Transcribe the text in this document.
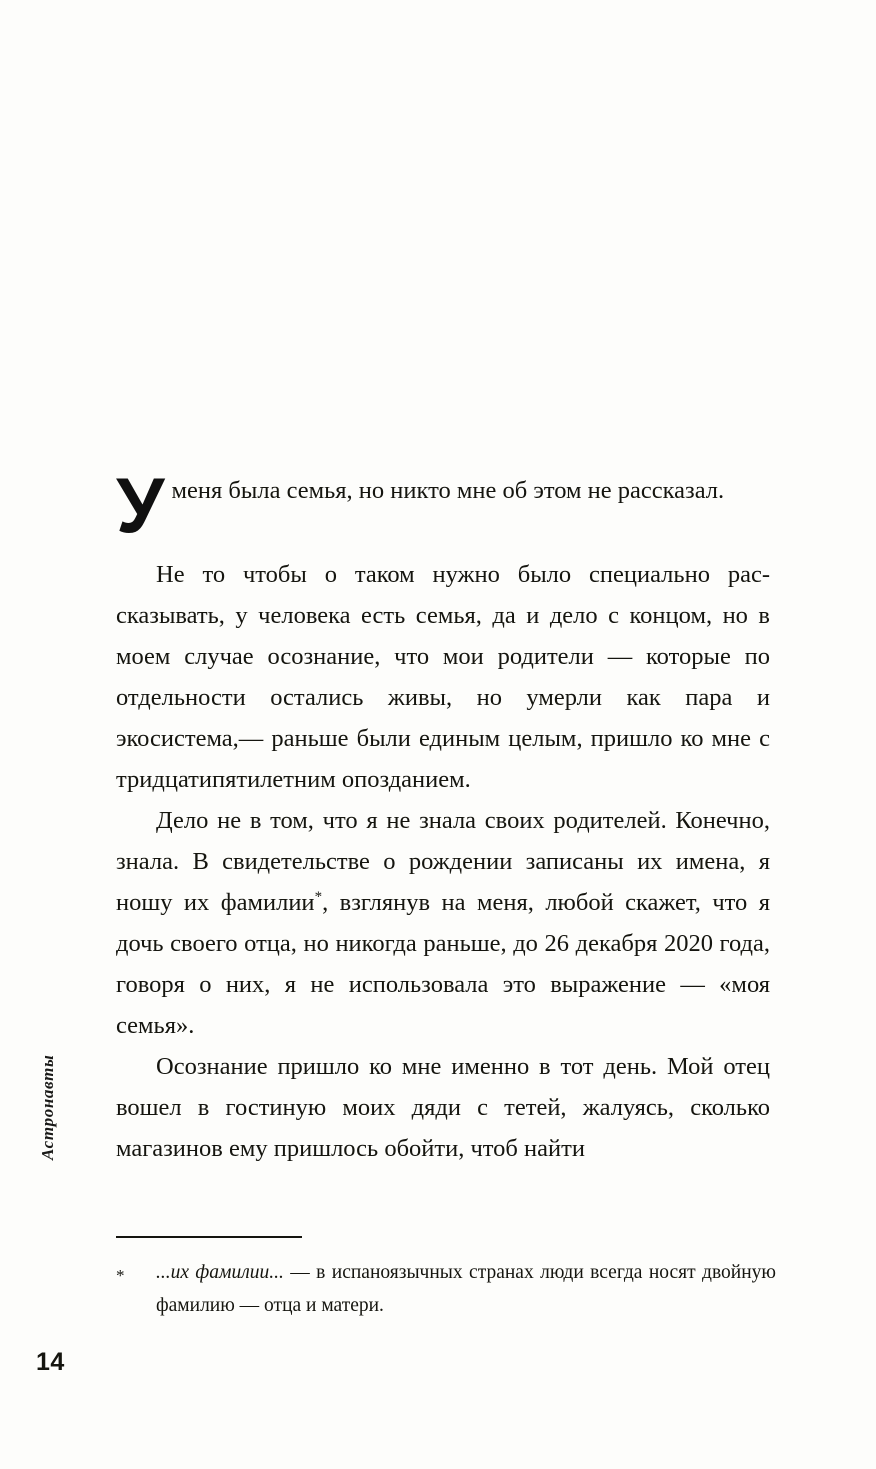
Астронавты
14

Уменя была семья, но никто мне об этом не рассказал.

Не то чтобы о таком нужно было специально рассказывать, у человека есть семья, да и дело с концом, но в моем случае осознание, что мои родители — которые по отдельности остались живы, но умерли как пара и экосистема,— раньше были единым целым, пришло ко мне с тридцатипятилетним опозданием.

Дело не в том, что я не знала своих родителей. Конечно, знала. В свидетельстве о рождении записаны их имена, я ношу их фамилии*, взглянув на меня, любой скажет, что я дочь своего отца, но никогда раньше, до 26 декабря 2020 года, говоря о них, я не использовала это выражение — «моя семья».

Осознание пришло ко мне именно в тот день. Мой отец вошел в гостиную моих дяди с тетей, жалуясь, сколько магазинов ему пришлось обойти, чтоб найти

*	...их фамилии... — в испаноязычных странах люди всегда носят двойную фамилию — отца и матери.
